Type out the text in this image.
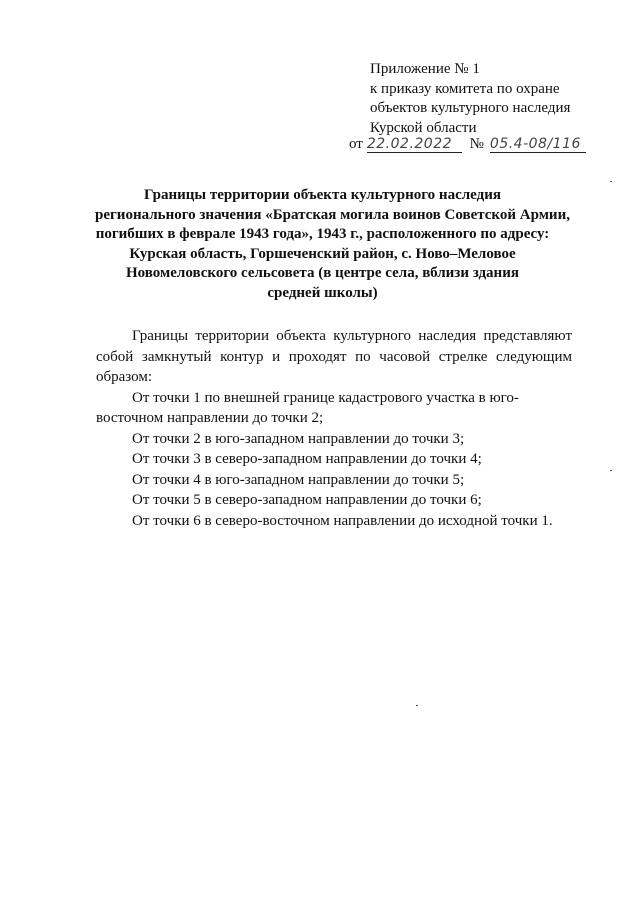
Приложение № 1
к приказу комитета по охране
объектов культурного наследия
Курской области
от 22.02.2022 № 05.4-08/116
Границы территории объекта культурного наследия
регионального значения «Братская могила воинов Советской Армии,
погибших в феврале 1943 года», 1943 г., расположенного по адресу:
Курская область, Горшеченский район, с. Ново–Меловое
Новомеловского сельсовета (в центре села, вблизи здания
средней школы)
Границы территории объекта культурного наследия представляют собой замкнутый контур и проходят по часовой стрелке следующим образом:
От точки 1 по внешней границе кадастрового участка в юго-
восточном направлении до точки 2;
От точки 2 в юго-западном направлении до точки 3;
От точки 3 в северо-западном направлении до точки 4;
От точки 4 в юго-западном направлении до точки 5;
От точки 5 в северо-западном направлении до точки 6;
От точки 6 в северо-восточном направлении до исходной точки 1.
